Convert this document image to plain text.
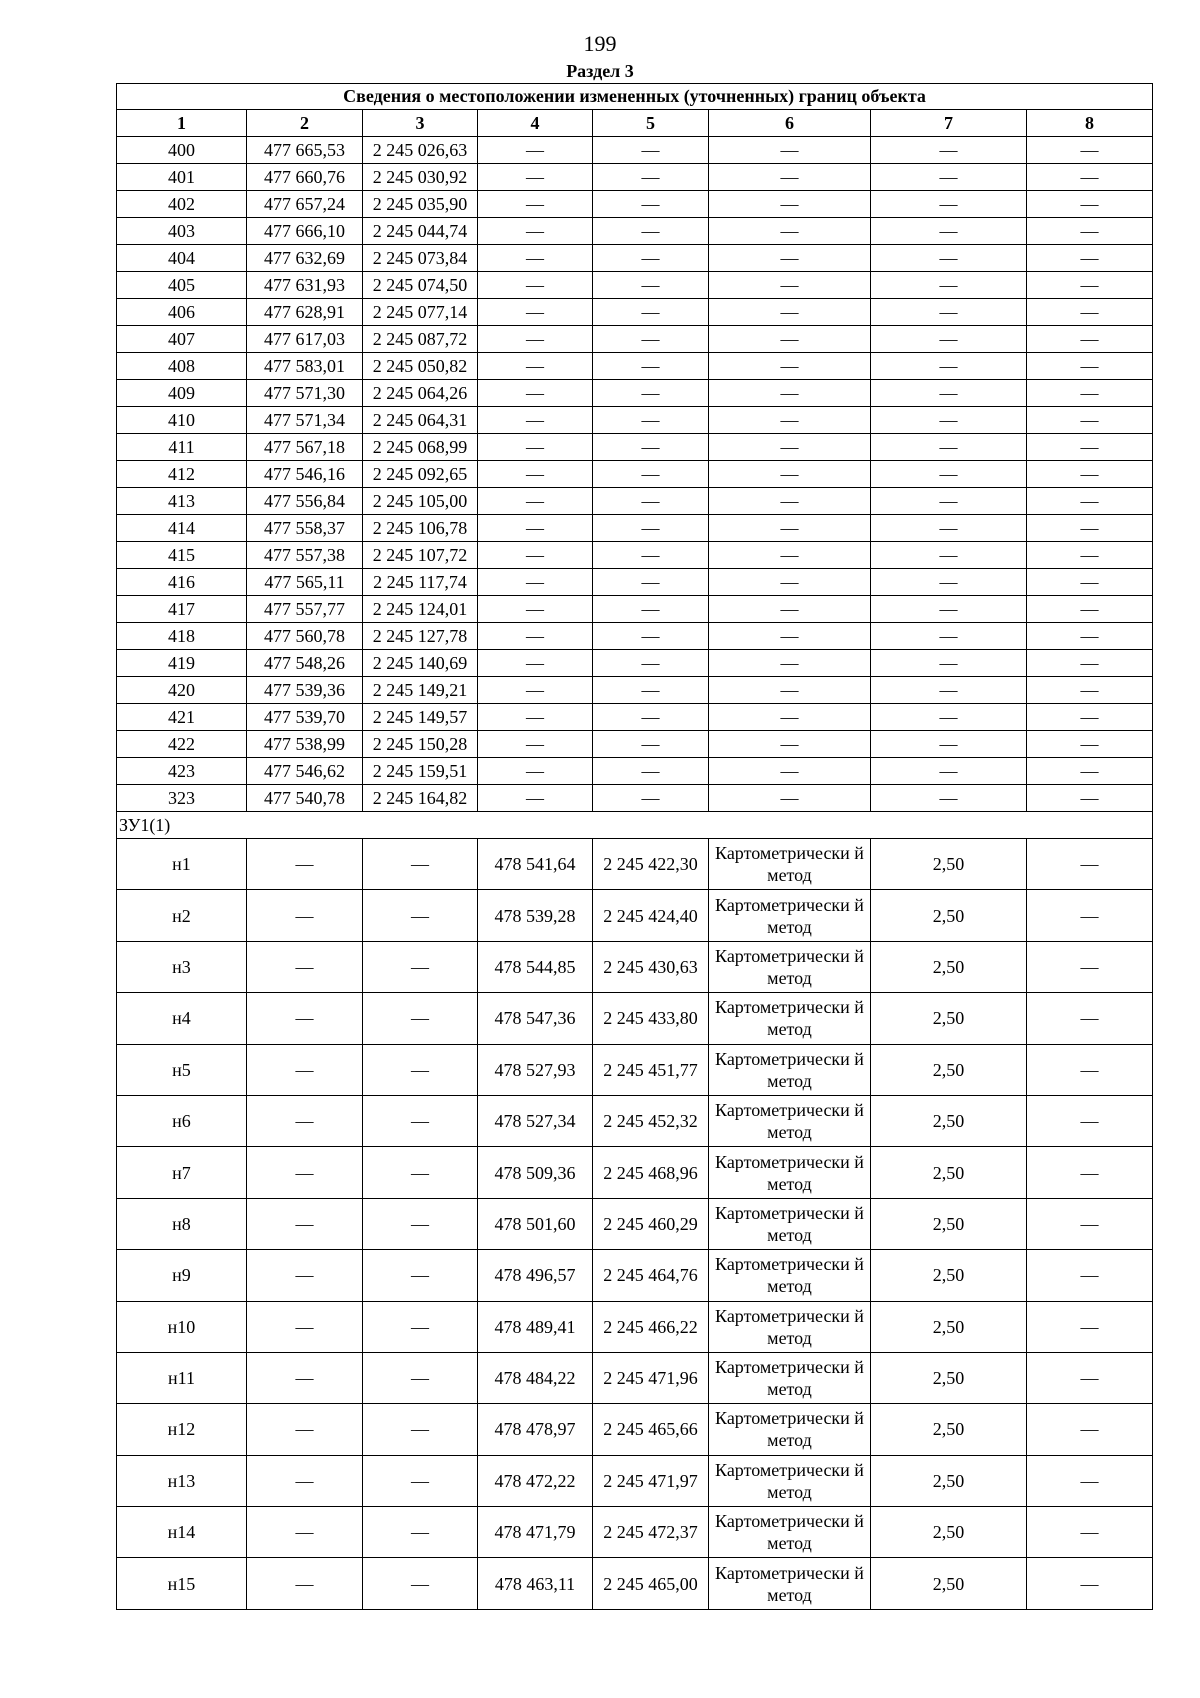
199
Раздел 3
Сведения о местоположении измененных (уточненных) границ объекта							
1	2	3	4	5	6	7	8
400	477 665,53	2 245 026,63	—	—	—	—	—
401	477 660,76	2 245 030,92	—	—	—	—	—
402	477 657,24	2 245 035,90	—	—	—	—	—
403	477 666,10	2 245 044,74	—	—	—	—	—
404	477 632,69	2 245 073,84	—	—	—	—	—
405	477 631,93	2 245 074,50	—	—	—	—	—
406	477 628,91	2 245 077,14	—	—	—	—	—
407	477 617,03	2 245 087,72	—	—	—	—	—
408	477 583,01	2 245 050,82	—	—	—	—	—
409	477 571,30	2 245 064,26	—	—	—	—	—
410	477 571,34	2 245 064,31	—	—	—	—	—
411	477 567,18	2 245 068,99	—	—	—	—	—
412	477 546,16	2 245 092,65	—	—	—	—	—
413	477 556,84	2 245 105,00	—	—	—	—	—
414	477 558,37	2 245 106,78	—	—	—	—	—
415	477 557,38	2 245 107,72	—	—	—	—	—
416	477 565,11	2 245 117,74	—	—	—	—	—
417	477 557,77	2 245 124,01	—	—	—	—	—
418	477 560,78	2 245 127,78	—	—	—	—	—
419	477 548,26	2 245 140,69	—	—	—	—	—
420	477 539,36	2 245 149,21	—	—	—	—	—
421	477 539,70	2 245 149,57	—	—	—	—	—
422	477 538,99	2 245 150,28	—	—	—	—	—
423	477 546,62	2 245 159,51	—	—	—	—	—
323	477 540,78	2 245 164,82	—	—	—	—	—
ЗУ1(1)							
н1	—	—	478 541,64	2 245 422,30	Картометрически й метод	2,50	—
н2	—	—	478 539,28	2 245 424,40	Картометрически й метод	2,50	—
н3	—	—	478 544,85	2 245 430,63	Картометрически й метод	2,50	—
н4	—	—	478 547,36	2 245 433,80	Картометрически й метод	2,50	—
н5	—	—	478 527,93	2 245 451,77	Картометрически й метод	2,50	—
н6	—	—	478 527,34	2 245 452,32	Картометрически й метод	2,50	—
н7	—	—	478 509,36	2 245 468,96	Картометрически й метод	2,50	—
н8	—	—	478 501,60	2 245 460,29	Картометрически й метод	2,50	—
н9	—	—	478 496,57	2 245 464,76	Картометрически й метод	2,50	—
н10	—	—	478 489,41	2 245 466,22	Картометрически й метод	2,50	—
н11	—	—	478 484,22	2 245 471,96	Картометрически й метод	2,50	—
н12	—	—	478 478,97	2 245 465,66	Картометрически й метод	2,50	—
н13	—	—	478 472,22	2 245 471,97	Картометрически й метод	2,50	—
н14	—	—	478 471,79	2 245 472,37	Картометрически й метод	2,50	—
н15	—	—	478 463,11	2 245 465,00	Картометрически й метод	2,50	—
